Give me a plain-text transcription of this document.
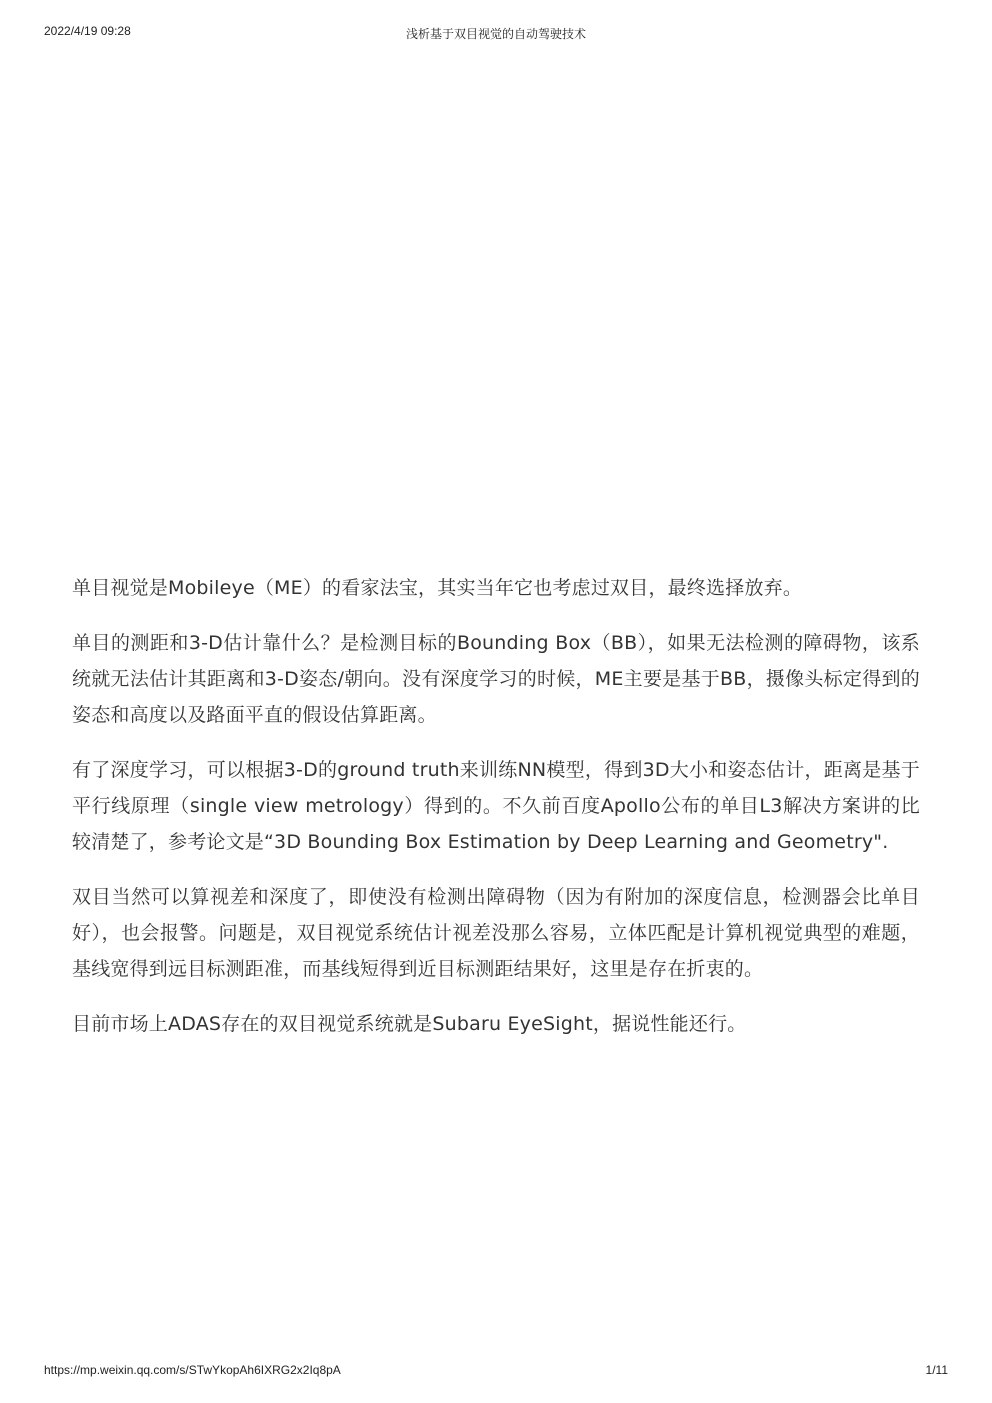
2022/4/19 09:28	浅析基于双目视觉的自动驾驶技术

单目视觉是Mobileye（ME）的看家法宝，其实当年它也考虑过双目，最终选择放弃。

单目的测距和3-D估计靠什么？是检测目标的Bounding Box（BB），如果无法检测的障碍物，该系统就无法估计其距离和3-D姿态/朝向。没有深度学习的时候，ME主要是基于BB，摄像头标定得到的姿态和高度以及路面平直的假设估算距离。

有了深度学习，可以根据3-D的ground truth来训练NN模型，得到3D大小和姿态估计，距离是基于平行线原理（single view metrology）得到的。不久前百度Apollo公布的单目L3解决方案讲的比较清楚了，参考论文是“3D Bounding Box Estimation by Deep Learning and Geometry".

双目当然可以算视差和深度了，即使没有检测出障碍物（因为有附加的深度信息，检测器会比单目好），也会报警。问题是，双目视觉系统估计视差没那么容易，立体匹配是计算机视觉典型的难题，基线宽得到远目标测距准，而基线短得到近目标测距结果好，这里是存在折衷的。

目前市场上ADAS存在的双目视觉系统就是Subaru EyeSight，据说性能还行。

https://mp.weixin.qq.com/s/STwYkopAh6IXRG2x2Iq8pA	1/11
